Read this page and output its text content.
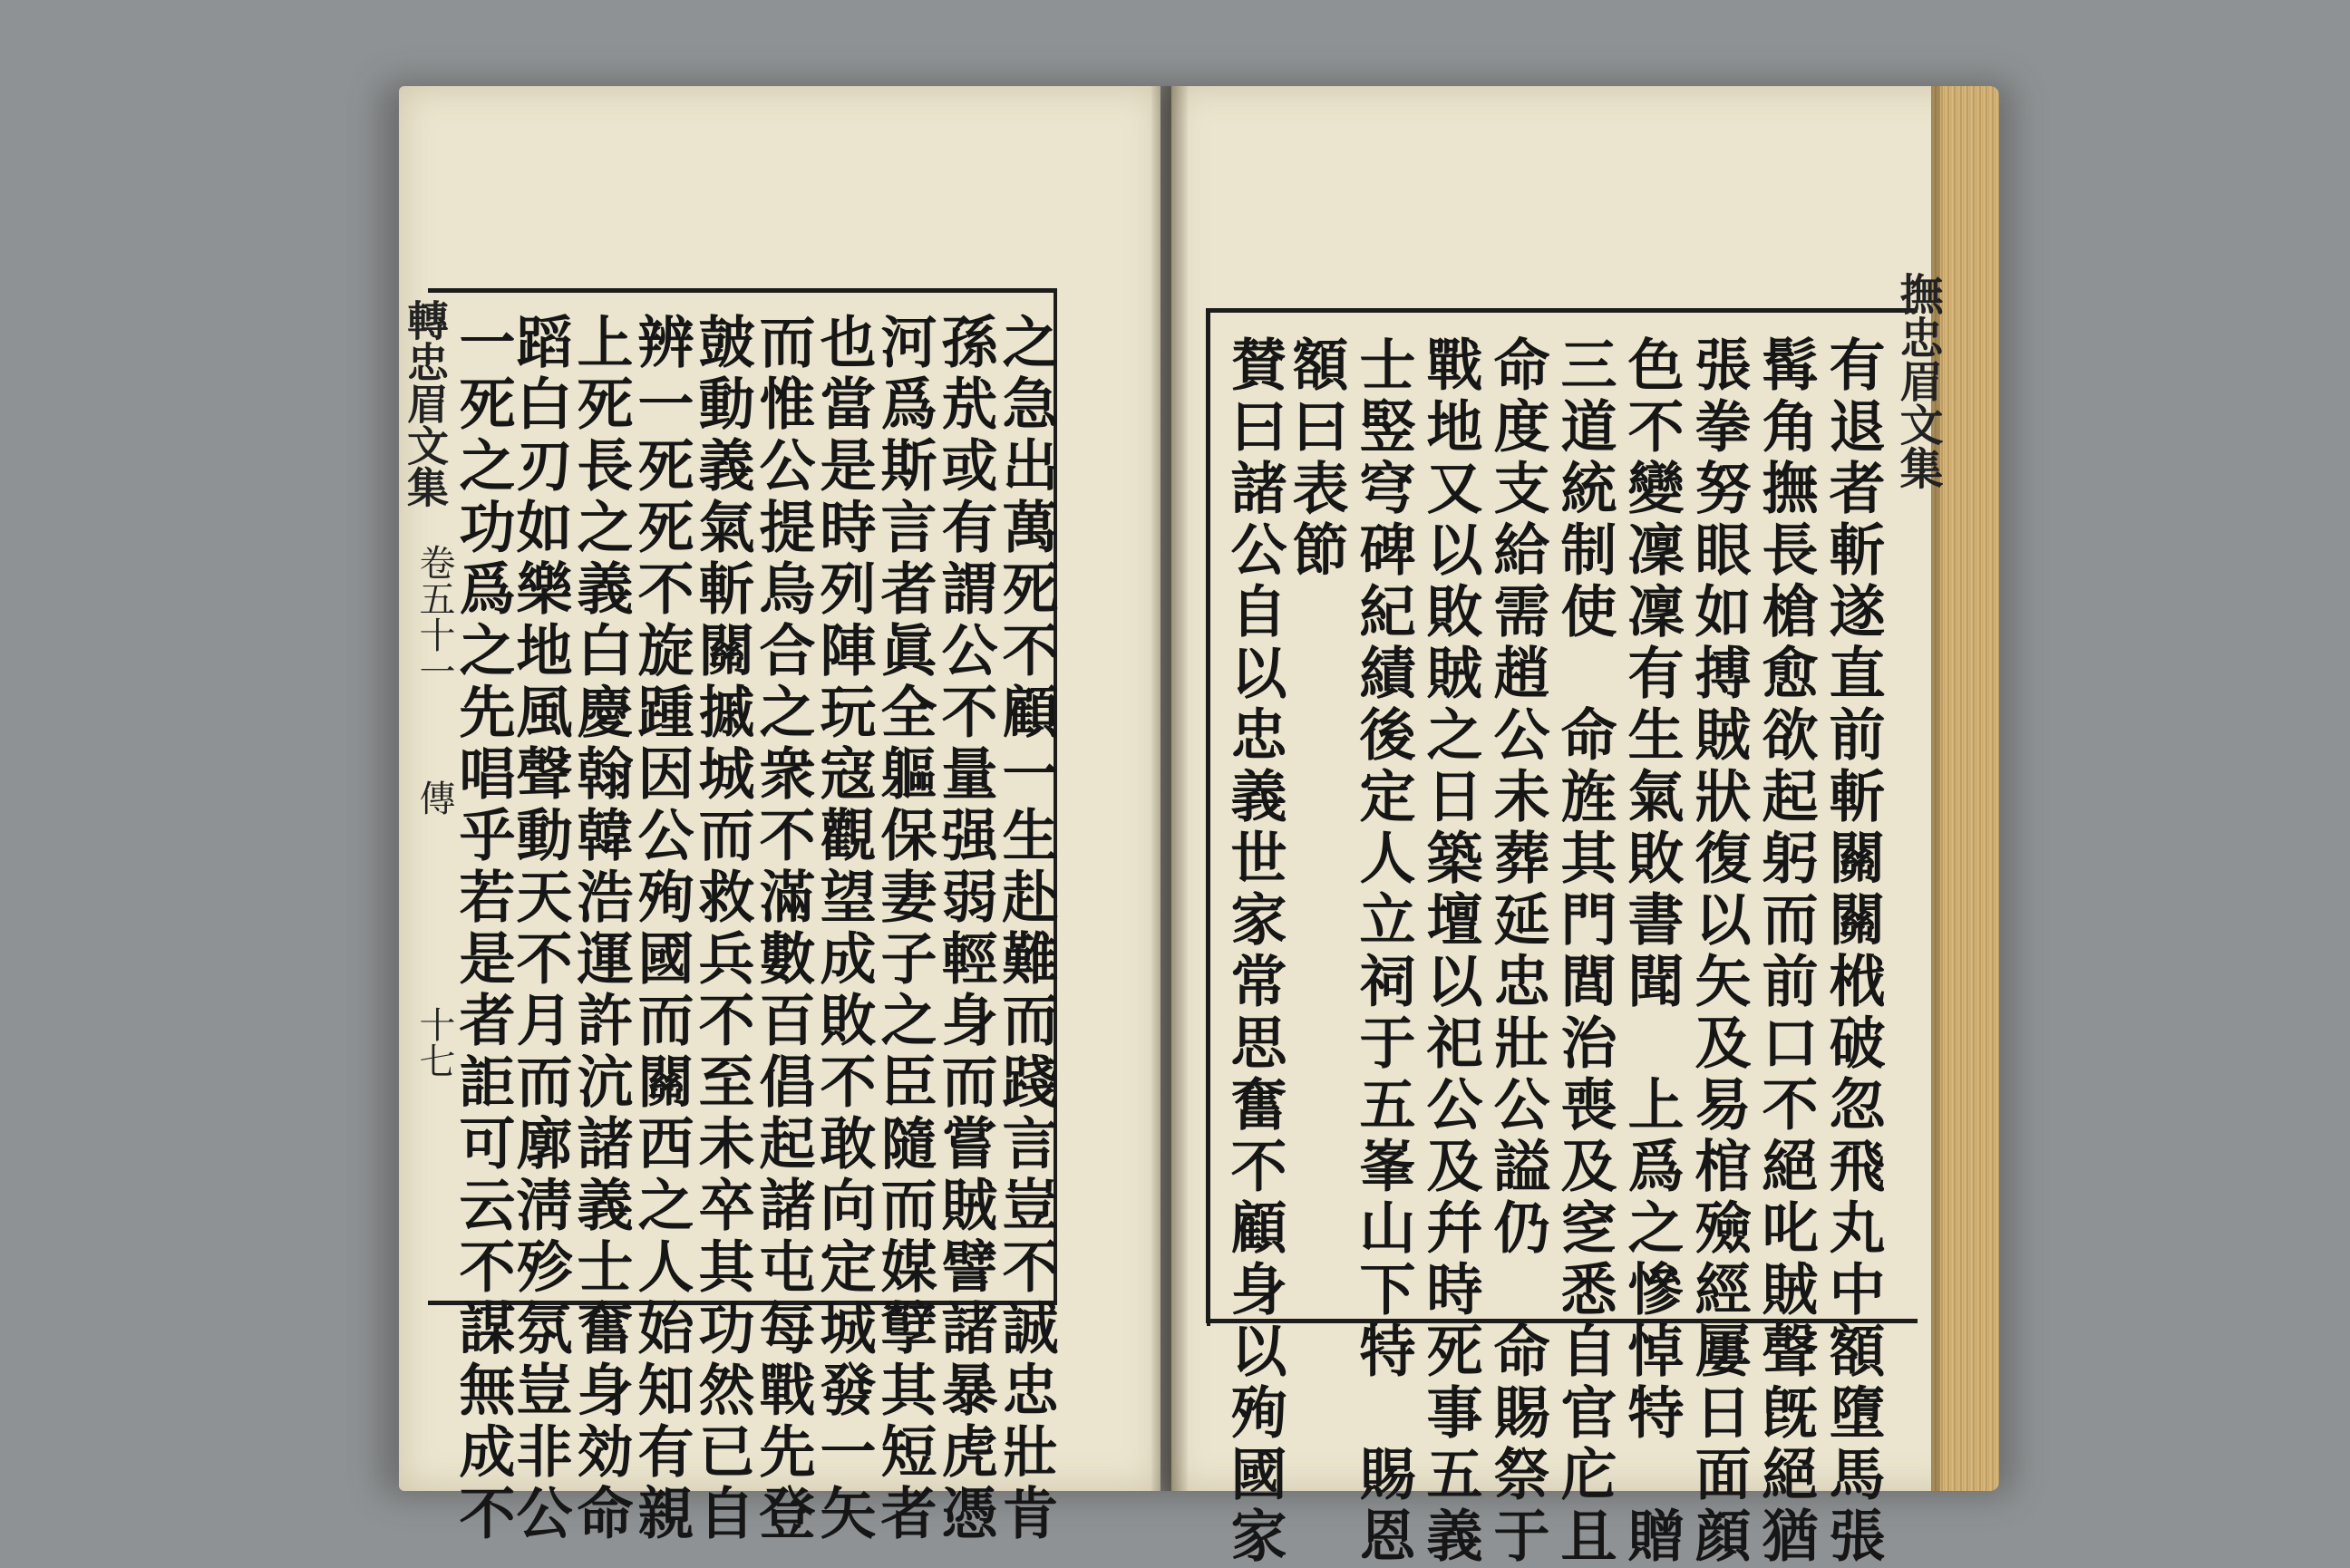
轉忠眉文集
卷五十一
傳
十七	之急出萬死不顧一生赴難而踐言豈不誠忠壯肯
孫㢤或有謂公不量强弱輕身而嘗賊譬諸暴虎憑
河爲斯言者眞全軀保妻子之臣隨而媒孼其短者
也當是時列陣玩寇觀望成敗不敢向定城發一矢
而惟公提烏合之衆不滿數百倡起諸屯每戰先登
皷動義氣斬關摵城而救兵不至未卒其功然已自
辨一死死不旋踵因公殉國而關西之人始知有親
上死長之義白慶翰韓浩運許沆諸義士奮身効命
蹈白刃如樂地風聲動天不月而廓淸殄氛豈非公
一死之功爲之先唱乎若是者詎可云不謀無成不	撫忠眉文集
有退者斬遂直前斬關關栰破忽飛丸中額墮馬張
髯角撫長槍愈欲起躬而前口不絕叱賊聲旣絕猶
張拳努眼如搏賊狀復以矢及易棺殮經屢日面顔
色不變凜凜有生氣敗書聞　上爲之慘悼特　贈
三道統制使　命旌其門閭治喪及窆悉自官庀且
命度支給需趙公未葬延忠壯公謚仍　命賜祭于
戰地又以敗賊之日築壇以祀公及幷時死事五義
士竪穹碑紀績後定人立祠于五峯山下特　賜恩
額曰表節
賛曰諸公自以忠義世家常思奮不顧身以殉國家
